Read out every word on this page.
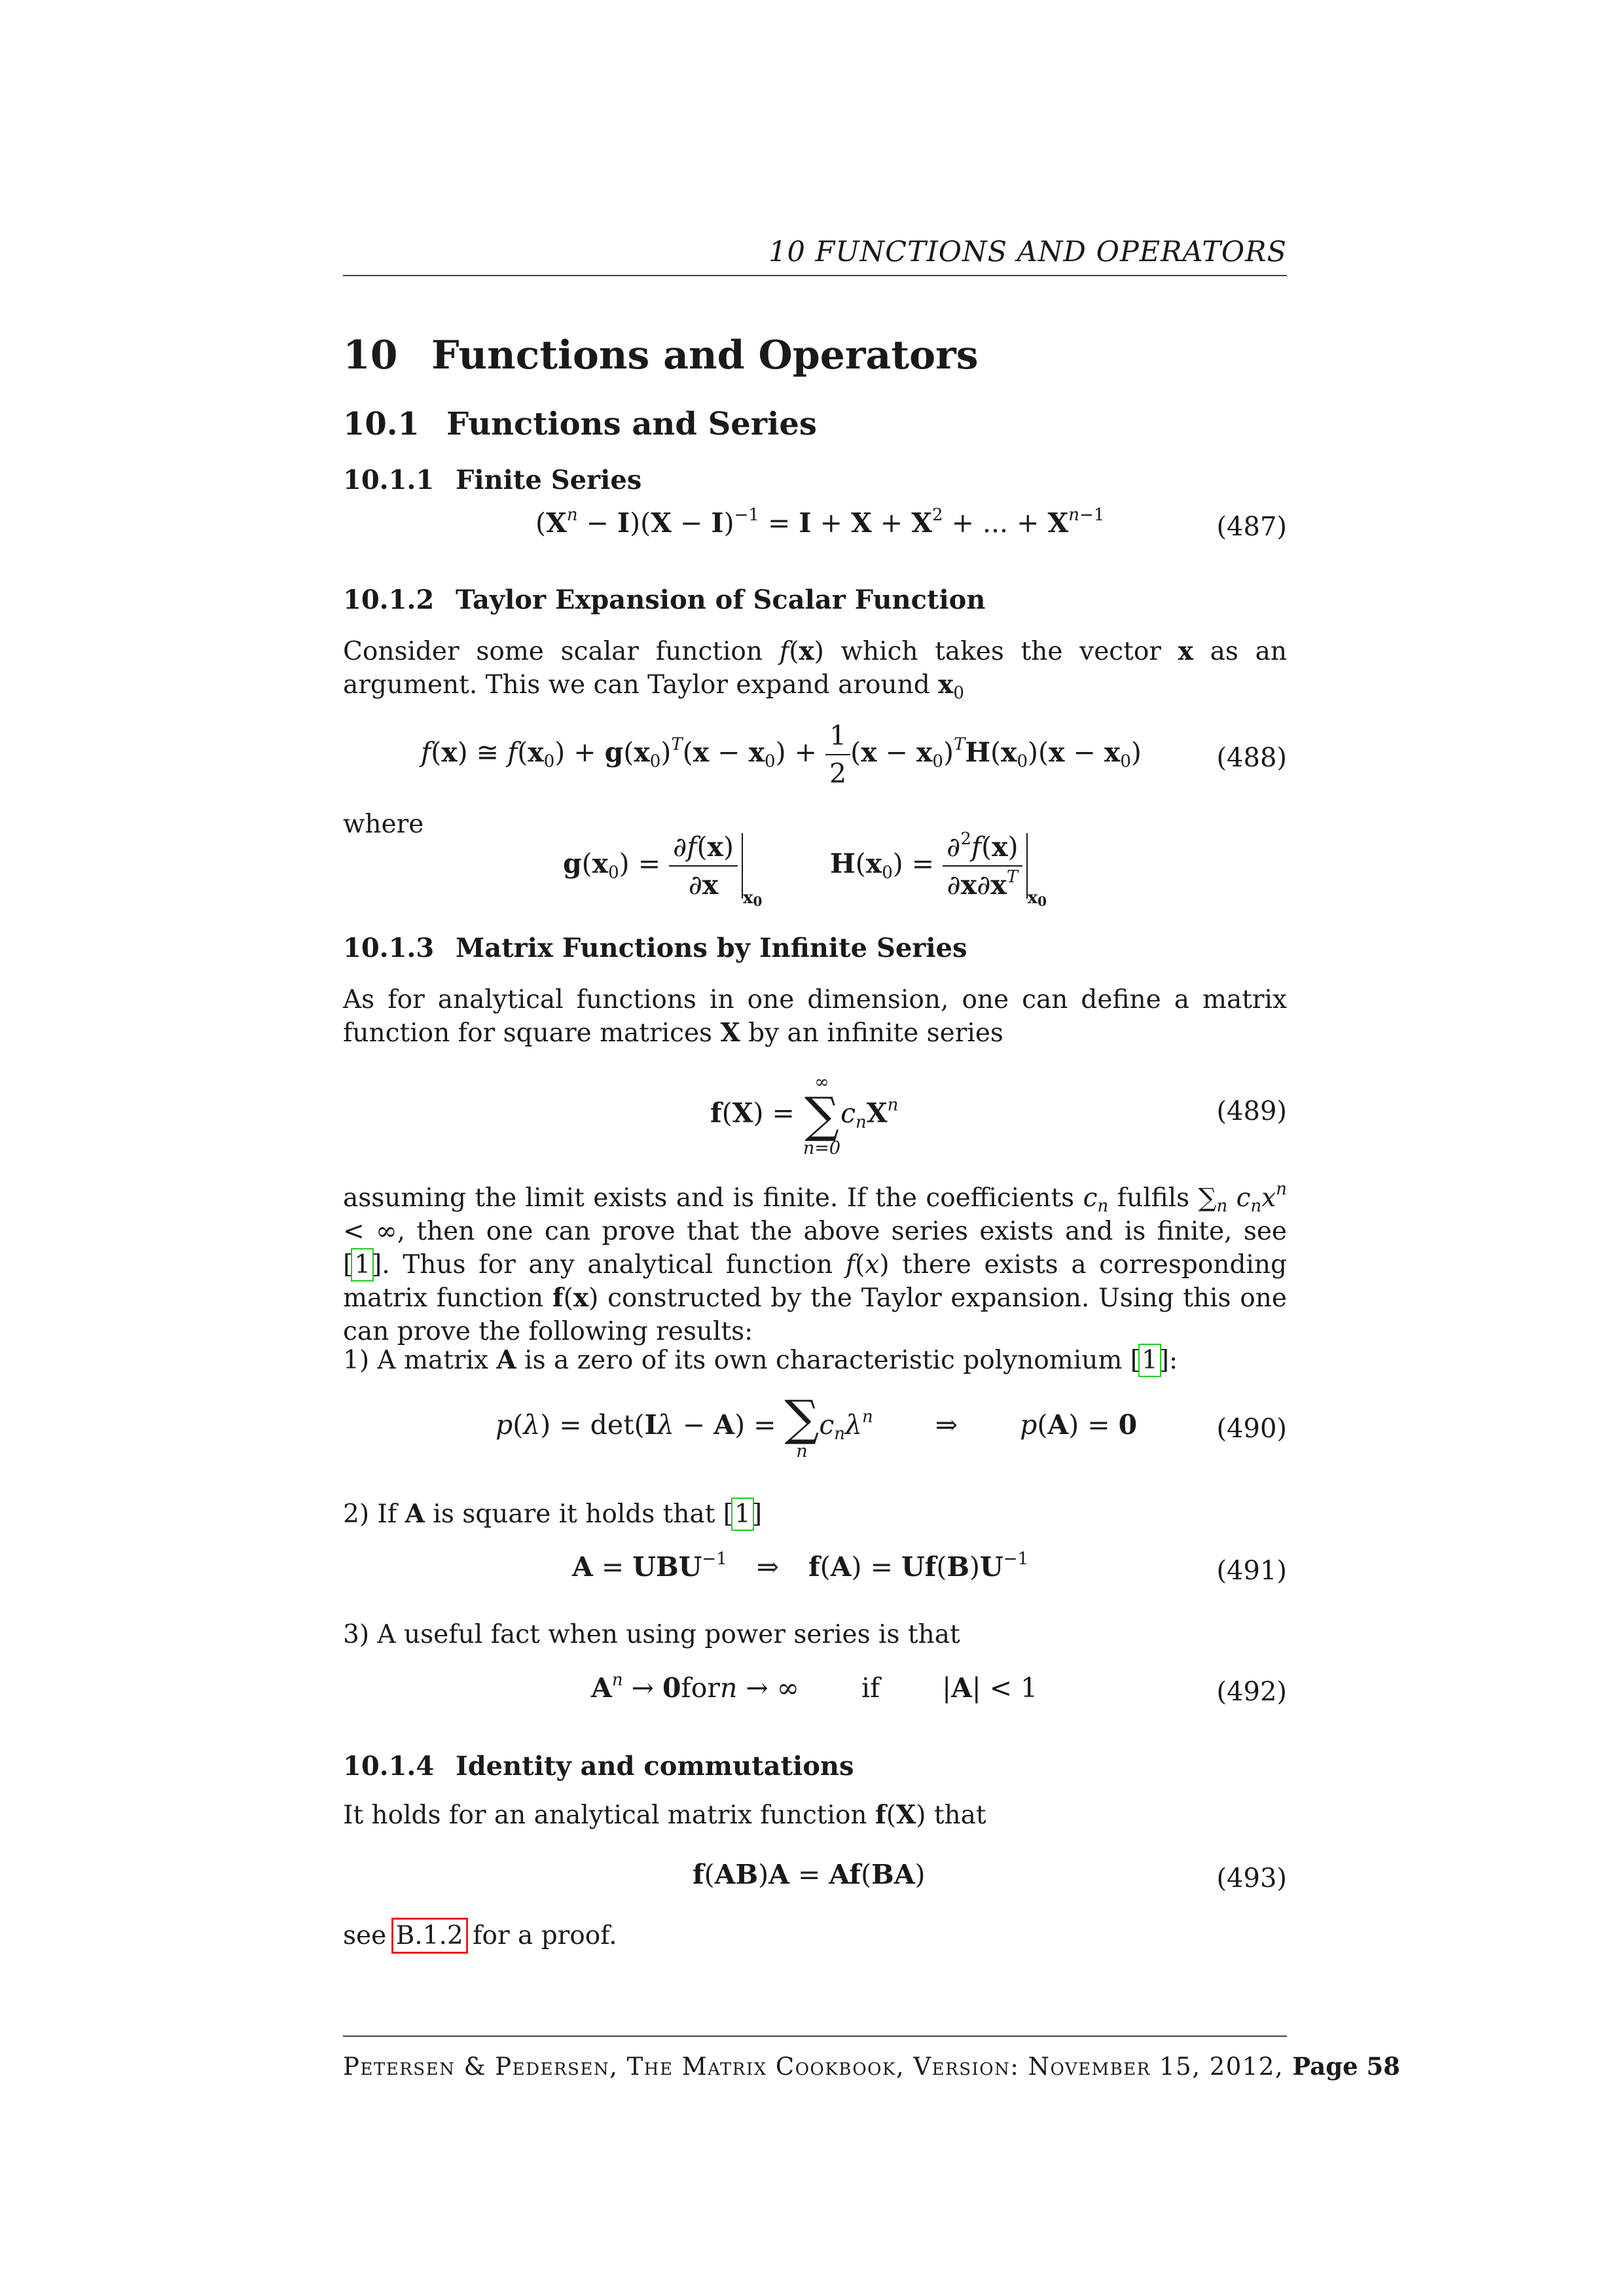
10 FUNCTIONS AND OPERATORS
10 Functions and Operators
10.1 Functions and Series
10.1.1 Finite Series
$(X^n - I)(X - I)^{-1} = I + X + X^2$ + ... + $X^{n-1}$	(487)
10.1.2 Taylor Expansion of Scalar Function
Consider some scalar function f(x) which takes the vector x as an argument. This we can Taylor expand around $x_0$
f(x) ≅ $f(x_0) + g(x_0)^T(x - x_0) + \frac{1}{2} (x - x_0)^TH(x_0)(x - x_0)$	(488)
where
$g(x_0) = \frac{\partial f(x)}{\partial x} _{x_0}$
$H(x_0) = \frac{\partial^2f(x)}{\partial x\partial x^T} _{x_0}$
10.1.3 Matrix Functions by Infinite Series
As for analytical functions in one dimension, one can define a matrix function for square matrices X by an infinite series
f(X) =
∞
∑
n=0
$c_nX^n$	(489)
assuming the limit exists and is finite. If the coefficients $c_n$ fulfils $\sum_n$ $c_nx^n$ < ∞, then one can prove that the above series exists and is finite, see [1]. Thus for any analytical function f(x) there exists a corresponding matrix function f(x) constructed by the Taylor expansion. Using this one can prove the following results:
1) A matrix A is a zero of its own characteristic polynomium [1]:
p(λ) = det(Iλ − A) = ∑
n
$c_n\lambda^n$ ⇒ p(A) = 0	(490)
2) If A is square it holds that [1]
$A = UBU^{-1}$ ⇒ $f(A) = Uf(B)U^{-1}$	(491)
3) A useful fact when using power series is that
$A^n$ → 0forn → ∞ if |A| < 1	(492)
10.1.4 Identity and commutations
It holds for an analytical matrix function f(X) that
f(AB)A = Af(BA)	(493)
see B.1.2 for a proof.
Petersen & Pedersen, The Matrix Cookbook, Version: November 15, 2012, Page 58
